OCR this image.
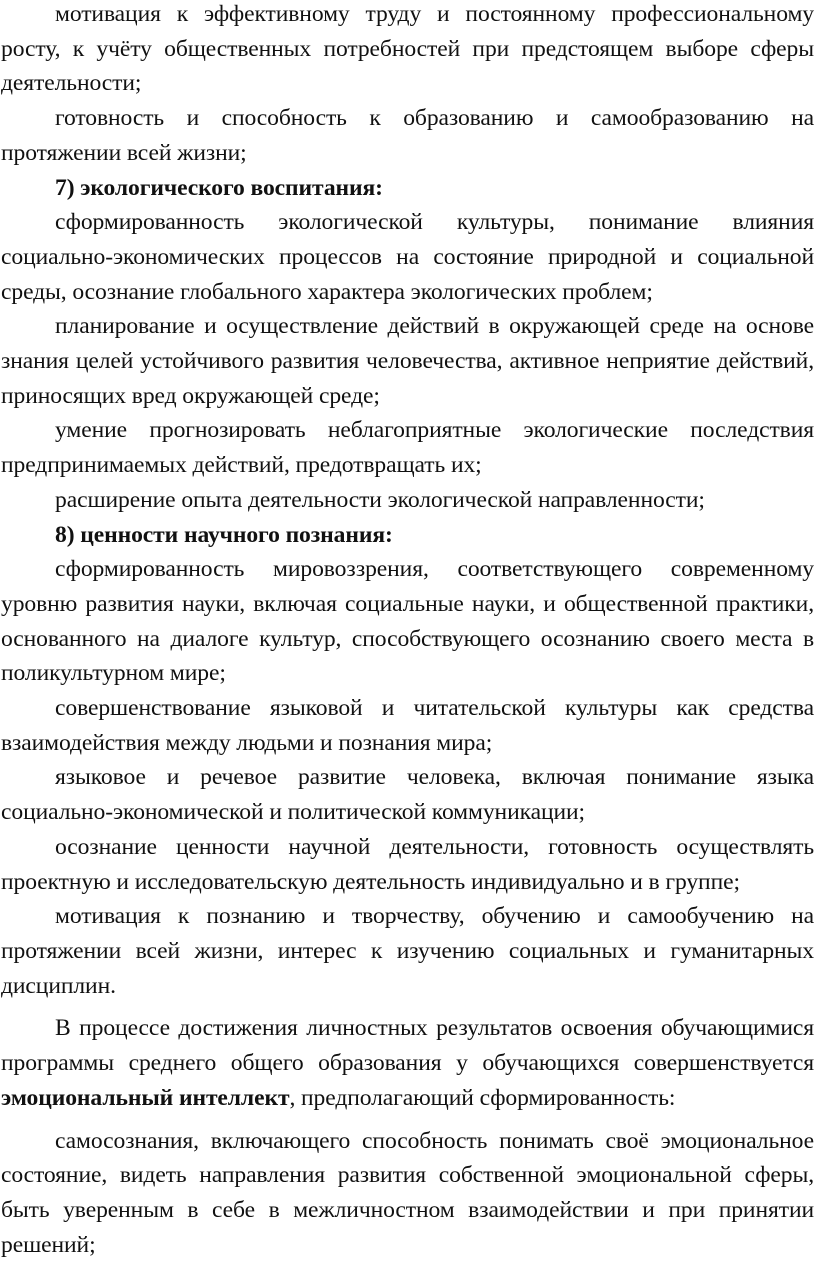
мотивация к эффективному труду и постоянному профессиональному росту, к учёту общественных потребностей при предстоящем выборе сферы деятельности;

готовность и способность к образованию и самообразованию на протяжении всей жизни;

7) экологического воспитания:

сформированность экологической культуры, понимание влияния социально-экономических процессов на состояние природной и социальной среды, осознание глобального характера экологических проблем;

планирование и осуществление действий в окружающей среде на основе знания целей устойчивого развития человечества, активное неприятие действий, приносящих вред окружающей среде;

умение прогнозировать неблагоприятные экологические последствия предпринимаемых действий, предотвращать их;

расширение опыта деятельности экологической направленности;

8) ценности научного познания:

сформированность мировоззрения, соответствующего современному уровню развития науки, включая социальные науки, и общественной практики, основанного на диалоге культур, способствующего осознанию своего места в поликультурном мире;

совершенствование языковой и читательской культуры как средства взаимодействия между людьми и познания мира;

языковое и речевое развитие человека, включая понимание языка социально-экономической и политической коммуникации;

осознание ценности научной деятельности, готовность осуществлять проектную и исследовательскую деятельность индивидуально и в группе;

мотивация к познанию и творчеству, обучению и самообучению на протяжении всей жизни, интерес к изучению социальных и гуманитарных дисциплин.

В процессе достижения личностных результатов освоения обучающимися программы среднего общего образования у обучающихся совершенствуется эмоциональный интеллект, предполагающий сформированность:

самосознания, включающего способность понимать своё эмоциональное состояние, видеть направления развития собственной эмоциональной сферы, быть уверенным в себе в межличностном взаимодействии и при принятии решений;
